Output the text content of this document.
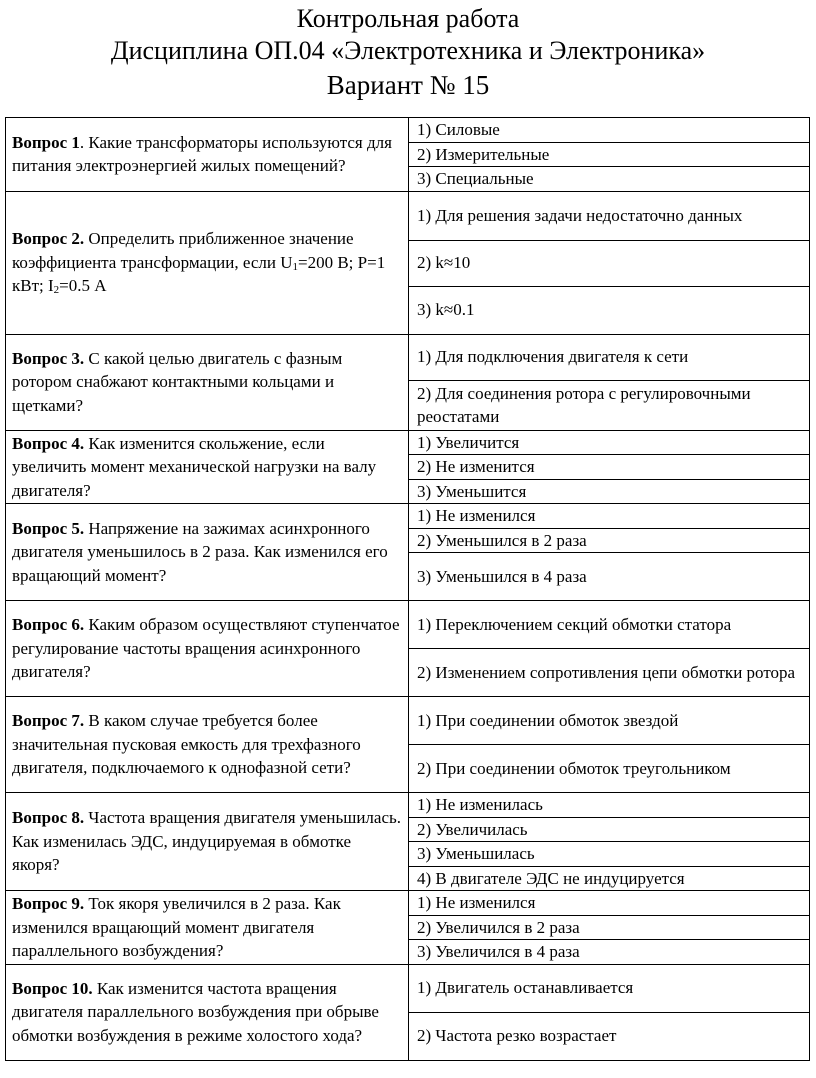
Контрольная работа
Дисциплина ОП.04 «Электротехника и Электроника»
Вариант № 15
Вопрос 1. Какие трансформаторы используются для питания электроэнергией жилых помещений?	1) Силовые
	2) Измерительные
	3) Специальные
Вопрос 2. Определить приближенное значение коэффициента трансформации, если $U_1=200$ В; P=1 кВт; $I_2=0.5$ А	1) Для решения задачи недостаточно данных
	2) k≈10
	3) k≈0.1
Вопрос 3. С какой целью двигатель с фазным ротором снабжают контактными кольцами и щетками?	1) Для подключения двигателя к сети
	2) Для соединения ротора с регулировочными реостатами
Вопрос 4. Как изменится скольжение, если увеличить момент механической нагрузки на валу двигателя?	1) Увеличится
	2) Не изменится
	3) Уменьшится
Вопрос 5. Напряжение на зажимах асинхронного двигателя уменьшилось в 2 раза. Как изменился его вращающий момент?	1) Не изменился
	2) Уменьшился в 2 раза
	3) Уменьшился в 4 раза
Вопрос 6. Каким образом осуществляют ступенчатое регулирование частоты вращения асинхронного двигателя?	1) Переключением секций обмотки статора
	2) Изменением сопротивления цепи обмотки ротора
Вопрос 7. В каком случае требуется более значительная пусковая емкость для трехфазного двигателя, подключаемого к однофазной сети?	1) При соединении обмоток звездой
	2) При соединении обмоток треугольником
Вопрос 8. Частота вращения двигателя уменьшилась. Как изменилась ЭДС, индуцируемая в обмотке якоря?	1) Не изменилась
	2) Увеличилась
	3) Уменьшилась
	4) В двигателе ЭДС не индуцируется
Вопрос 9. Ток якоря увеличился в 2 раза. Как изменился вращающий момент двигателя параллельного возбуждения?	1) Не изменился
	2) Увеличился в 2 раза
	3) Увеличился в 4 раза
Вопрос 10. Как изменится частота вращения двигателя параллельного возбуждения при обрыве обмотки возбуждения в режиме холостого хода?	1) Двигатель останавливается
	2) Частота резко возрастает
